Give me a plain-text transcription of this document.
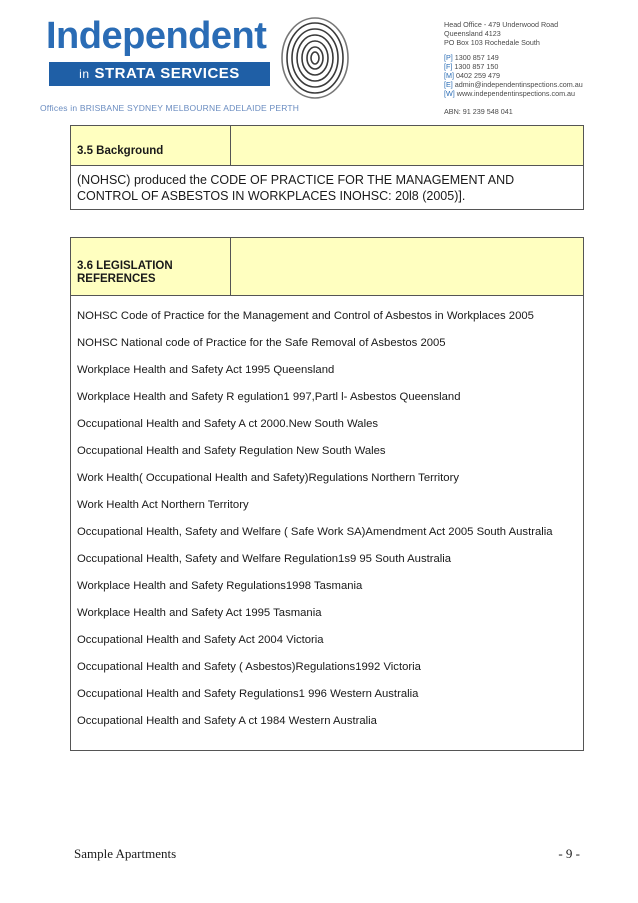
Independent
in STRATA SERVICES
Offices in BRISBANE SYDNEY MELBOURNE ADELAIDE PERTH
Head Office - 479 Underwood Road
Queensland 4123
PO Box 103 Rochedale South
[P] 1300 857 149
[F] 1300 857 150
[M] 0402 259 479
[E] admin@independentinspections.com.au
[W] www.independentinspections.com.au
ABN: 91 239 548 041
3.5 Background
(NOHSC) produced the CODE OF PRACTICE FOR THE MANAGEMENT AND CONTROL OF ASBESTOS IN WORKPLACES INOHSC: 20l8 (2005)].
3.6 LEGISLATION
REFERENCES
NOHSC Code of Practice for the Management and Control of Asbestos in Workplaces 2005
NOHSC National code of Practice for the Safe Removal of Asbestos 2005
Workplace Health and Safety Act 1995 Queensland
Workplace Health and Safety R egulation1 997,Partl l- Asbestos Queensland
Occupational Health and Safety A ct 2000.New South Wales
Occupational Health and Safety Regulation New South Wales
Work Health( Occupational Health and Safety)Regulations Northern Territory
Work Health Act Northern Territory
Occupational Health, Safety and Welfare ( Safe Work SA)Amendment Act 2005 South Australia
Occupational Health, Safety and Welfare Regulation1s9 95 South Australia
Workplace Health and Safety Regulations1998 Tasmania
Workplace Health and Safety Act 1995 Tasmania
Occupational Health and Safety Act 2004 Victoria
Occupational Health and Safety ( Asbestos)Regulations1992 Victoria
Occupational Health and Safety Regulations1 996 Western Australia
Occupational Health and Safety A ct 1984 Western Australia
Sample Apartments	- 9 -
